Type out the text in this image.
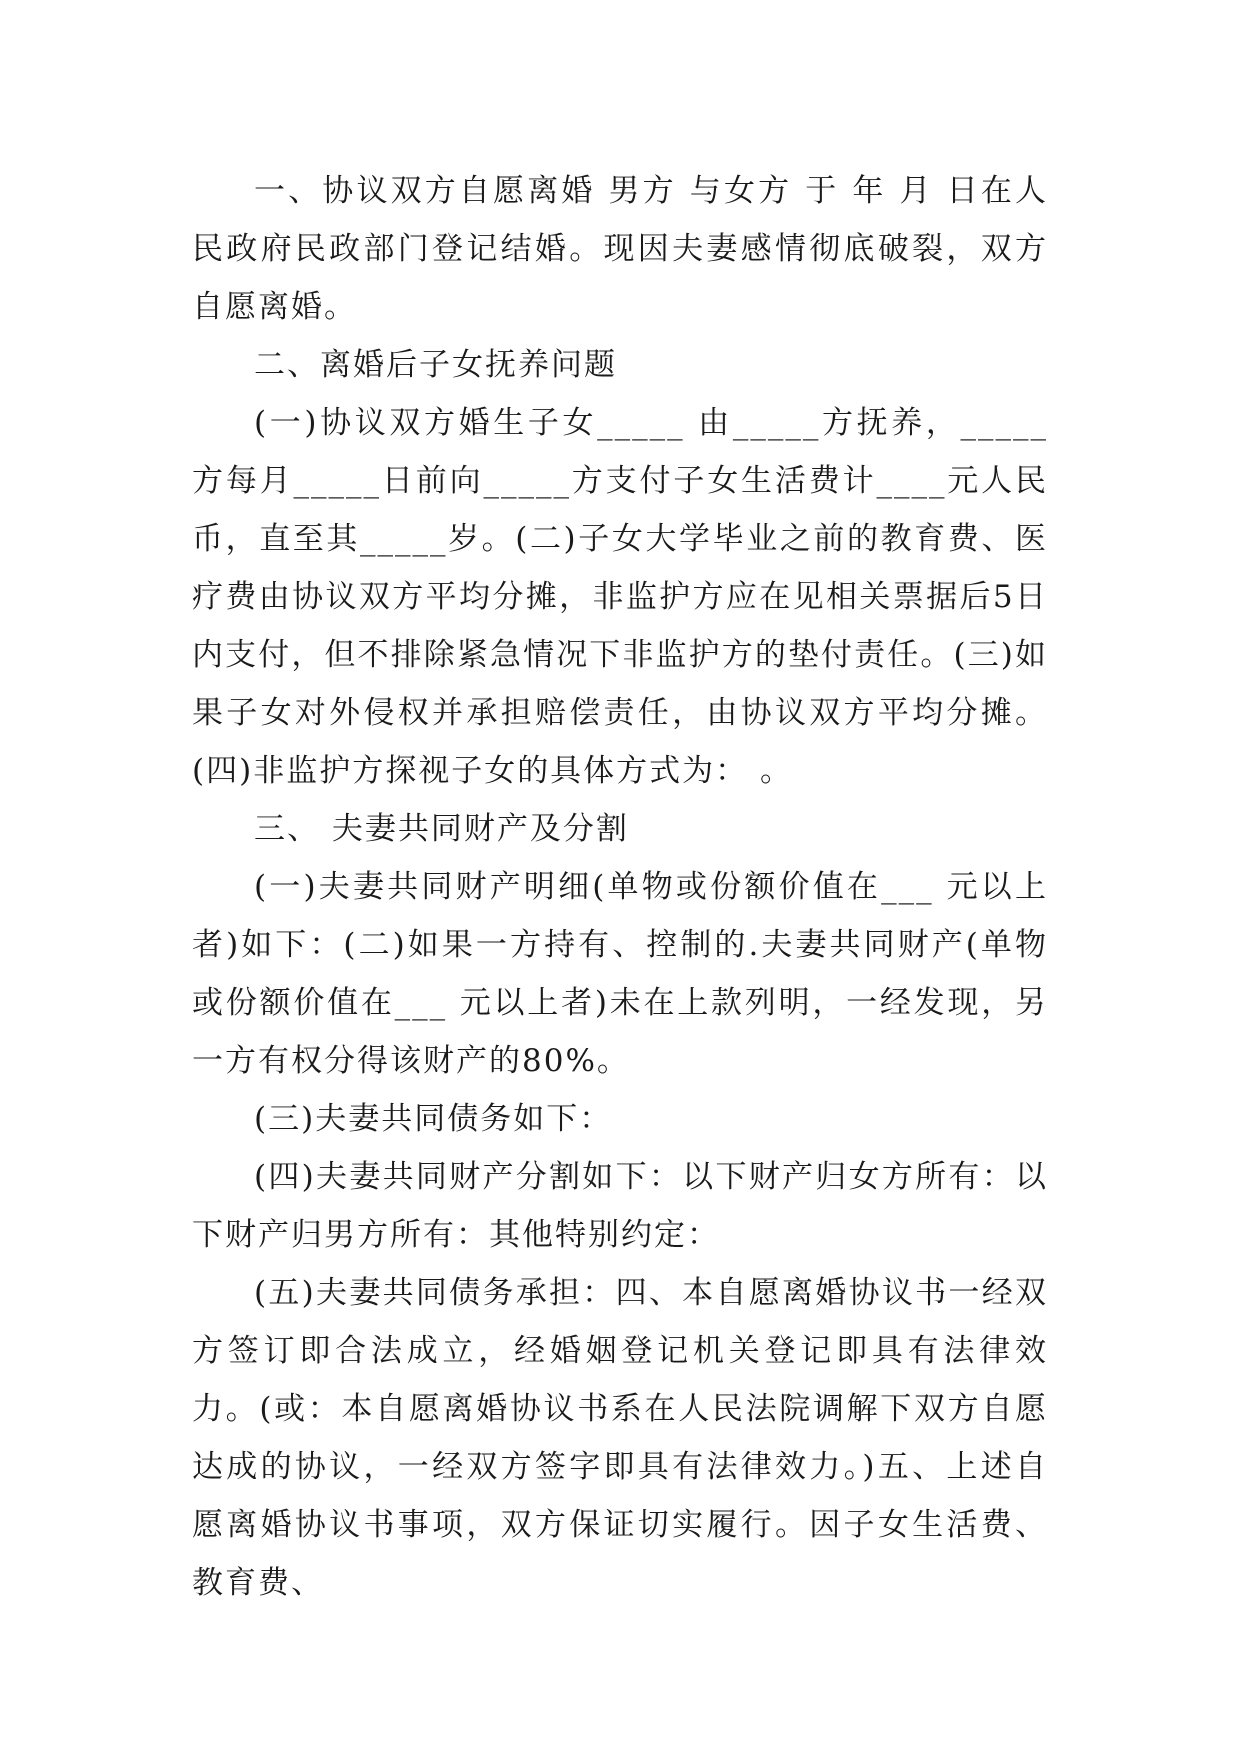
一、协议双方自愿离婚 男方 与女方 于 年 月 日在人民政府民政部门登记结婚。现因夫妻感情彻底破裂，双方自愿离婚。

二、离婚后子女抚养问题

(一)协议双方婚生子女_____ 由_____方抚养，_____方每月_____日前向_____方支付子女生活费计____元人民币，直至其_____岁。(二)子女大学毕业之前的教育费、医疗费由协议双方平均分摊，非监护方应在见相关票据后5日内支付，但不排除紧急情况下非监护方的垫付责任。(三)如果子女对外侵权并承担赔偿责任，由协议双方平均分摊。(四)非监护方探视子女的具体方式为： 。

三、 夫妻共同财产及分割

(一)夫妻共同财产明细(单物或份额价值在___ 元以上者)如下：(二)如果一方持有、控制的.夫妻共同财产(单物或份额价值在___ 元以上者)未在上款列明，一经发现，另一方有权分得该财产的80%。

(三)夫妻共同债务如下：

(四)夫妻共同财产分割如下：以下财产归女方所有：以下财产归男方所有：其他特别约定：

(五)夫妻共同债务承担：四、本自愿离婚协议书一经双方签订即合法成立，经婚姻登记机关登记即具有法律效力。(或：本自愿离婚协议书系在人民法院调解下双方自愿达成的协议，一经双方签字即具有法律效力。)五、上述自愿离婚协议书事项，双方保证切实履行。因子女生活费、教育费、
